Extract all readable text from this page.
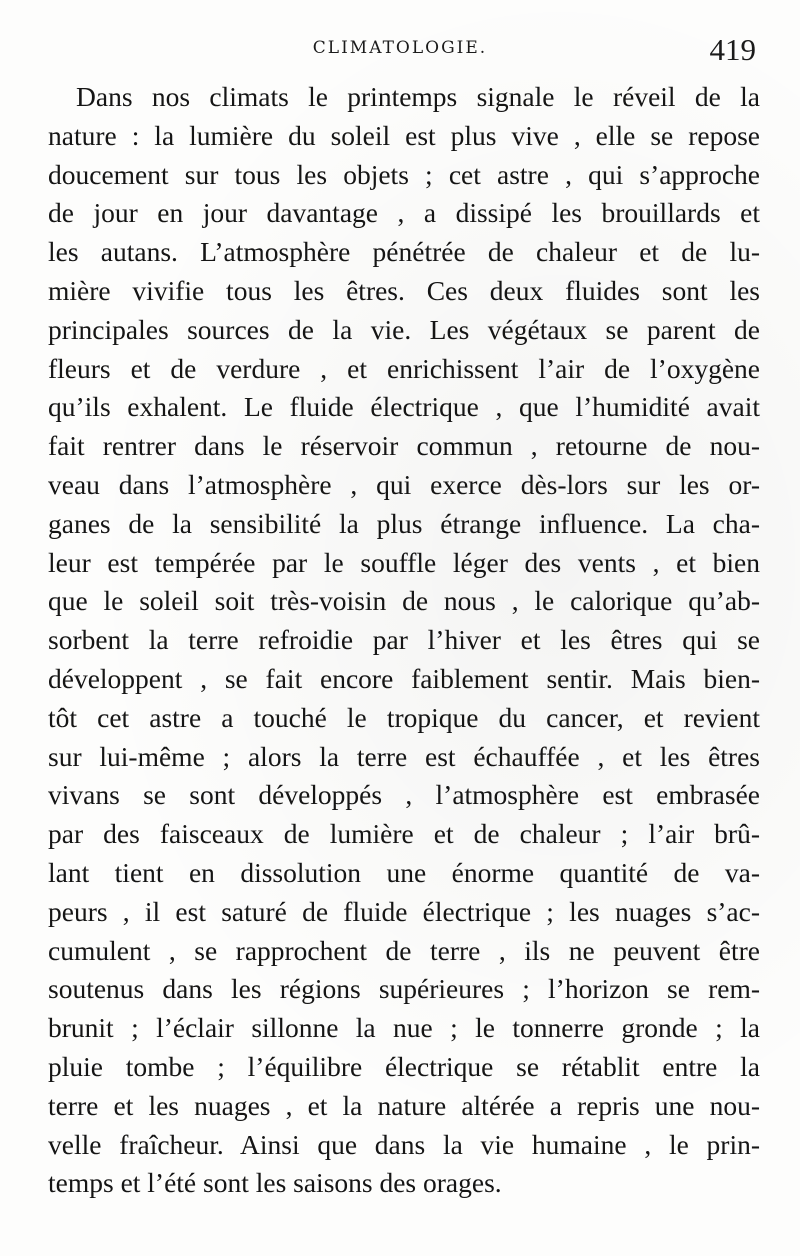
CLIMATOLOGIE.	419
Dans nos climats le printemps signale le réveil de la
nature : la lumière du soleil est plus vive , elle se repose
doucement sur tous les objets ; cet astre , qui s’approche
de jour en jour davantage , a dissipé les brouillards et
les autans. L’atmosphère pénétrée de chaleur et de lu-
mière vivifie tous les êtres. Ces deux fluides sont les
principales sources de la vie. Les végétaux se parent de
fleurs et de verdure , et enrichissent l’air de l’oxygène
qu’ils exhalent. Le fluide électrique , que l’humidité avait
fait rentrer dans le réservoir commun , retourne de nou-
veau dans l’atmosphère , qui exerce dès-lors sur les or-
ganes de la sensibilité la plus étrange influence. La cha-
leur est tempérée par le souffle léger des vents , et bien
que le soleil soit très-voisin de nous , le calorique qu’ab-
sorbent la terre refroidie par l’hiver et les êtres qui se
développent , se fait encore faiblement sentir. Mais bien-
tôt cet astre a touché le tropique du cancer, et revient
sur lui-même ; alors la terre est échauffée , et les êtres
vivans se sont développés , l’atmosphère est embrasée
par des faisceaux de lumière et de chaleur ; l’air brû-
lant tient en dissolution une énorme quantité de va-
peurs , il est saturé de fluide électrique ; les nuages s’ac-
cumulent , se rapprochent de terre , ils ne peuvent être
soutenus dans les régions supérieures ; l’horizon se rem-
brunit ; l’éclair sillonne la nue ; le tonnerre gronde ; la
pluie tombe ; l’équilibre électrique se rétablit entre la
terre et les nuages , et la nature altérée a repris une nou-
velle fraîcheur. Ainsi que dans la vie humaine , le prin-
temps et l’été sont les saisons des orages.
